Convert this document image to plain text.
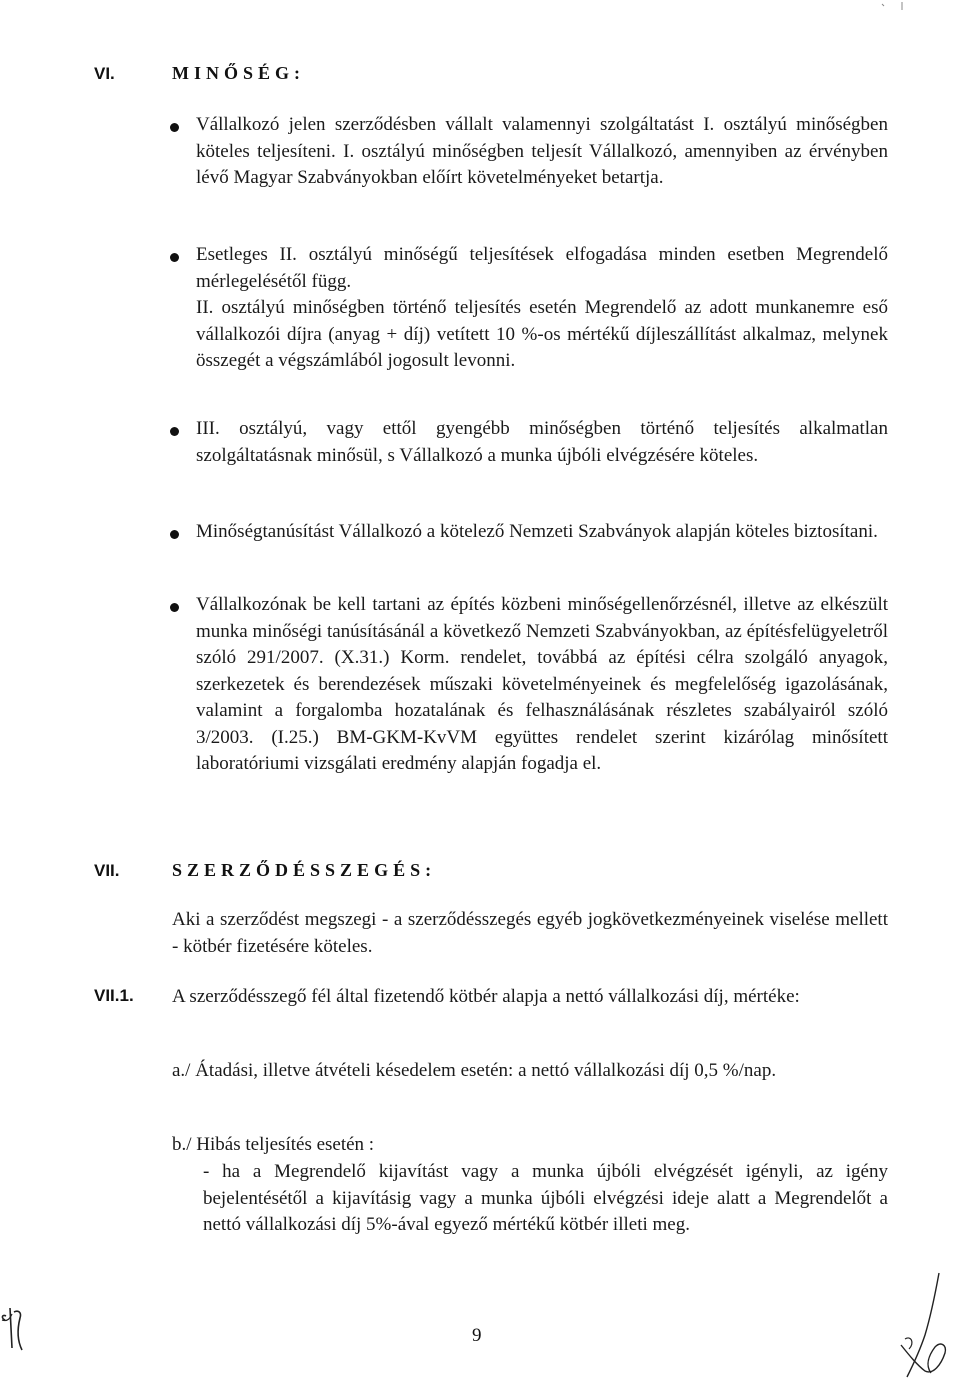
VI.	MINŐSÉG:
Vállalkozó jelen szerződésben vállalt valamennyi szolgáltatást I. osztályú minőségben köteles teljesíteni. I. osztályú minőségben teljesít Vállalkozó, amennyiben az érvényben lévő Magyar Szabványokban előírt követelményeket betartja.
Esetleges II. osztályú minőségű teljesítések elfogadása minden esetben Megrendelő mérlegelésétől függ.
II. osztályú minőségben történő teljesítés esetén Megrendelő az adott munkanemre eső vállalkozói díjra (anyag + díj) vetített 10 %-os mértékű díjleszállítást alkalmaz, melynek összegét a végszámlából jogosult levonni.
III. osztályú, vagy ettől gyengébb minőségben történő teljesítés alkalmatlan szolgáltatásnak minősül, s Vállalkozó a munka újbóli elvégzésére köteles.
Minőségtanúsítást Vállalkozó a kötelező Nemzeti Szabványok alapján köteles biztosítani.
Vállalkozónak be kell tartani az építés közbeni minőségellenőrzésnél, illetve az elkészült munka minőségi tanúsításánál a következő Nemzeti Szabványokban, az építésfelügyeletről szóló 291/2007. (X.31.) Korm. rendelet, továbbá az építési célra szolgáló anyagok, szerkezetek és berendezések műszaki követelményeinek és megfelelőség igazolásának, valamint a forgalomba hozatalának és felhasználásának részletes szabályairól szóló 3/2003. (I.25.) BM-GKM-KvVM együttes rendelet szerint kizárólag minősített laboratóriumi vizsgálati eredmény alapján fogadja el.
VII.	SZERZŐDÉSSZEGÉS:
Aki a szerződést megszegi - a szerződésszegés egyéb jogkövetkezményeinek viselése mellett - kötbér fizetésére köteles.
VII.1. A szerződésszegő fél által fizetendő kötbér alapja a nettó vállalkozási díj, mértéke:
a./ Átadási, illetve átvételi késedelem esetén: a nettó vállalkozási díj 0,5 %/nap.
b./ Hibás teljesítés esetén :
- ha a Megrendelő kijavítást vagy a munka újbóli elvégzését igényli, az igény bejelentésétől a kijavításig vagy a munka újbóli elvégzési ideje alatt a Megrendelőt a nettó vállalkozási díj 5%-ával egyező mértékű kötbér illeti meg.
9
